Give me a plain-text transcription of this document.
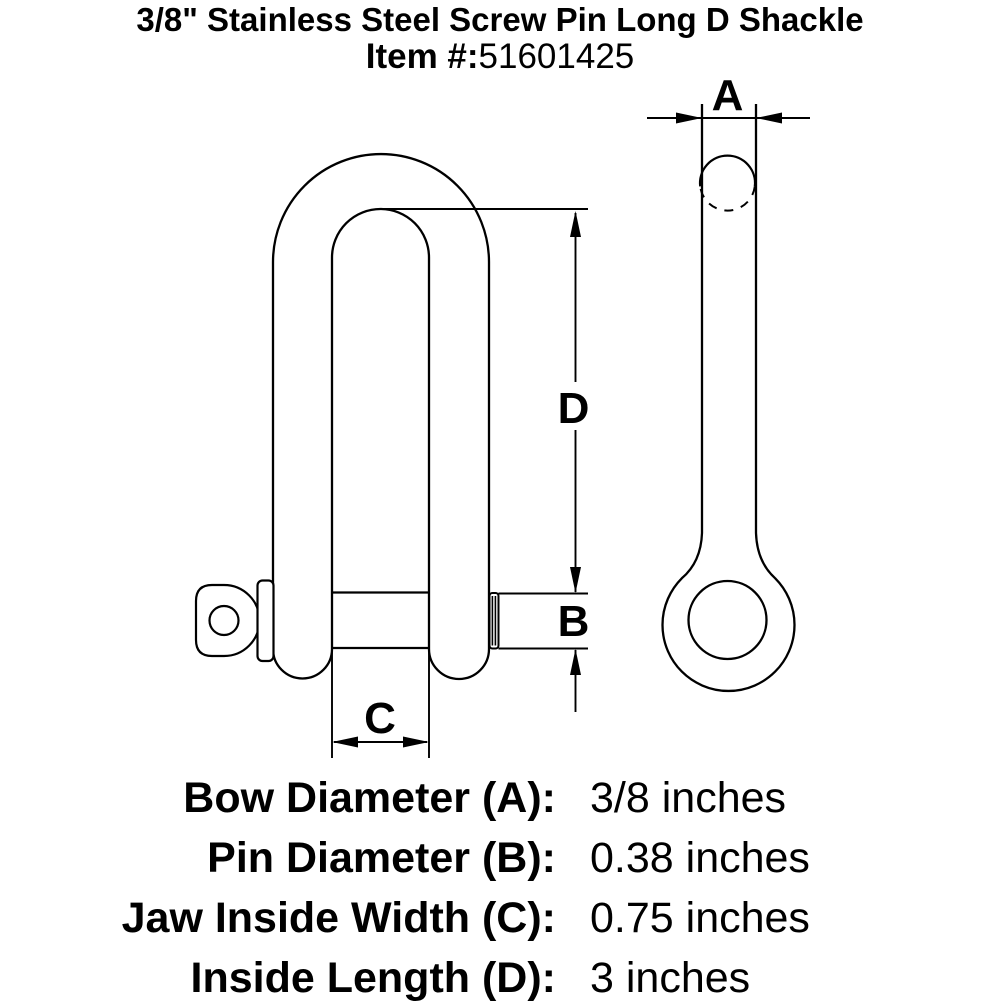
3/8" Stainless Steel Screw Pin Long D Shackle
Item #:51601425
A
D
B
C
Bow Diameter (A): 3/8 inches
Pin Diameter (B): 0.38 inches
Jaw Inside Width (C): 0.75 inches
Inside Length (D): 3 inches
